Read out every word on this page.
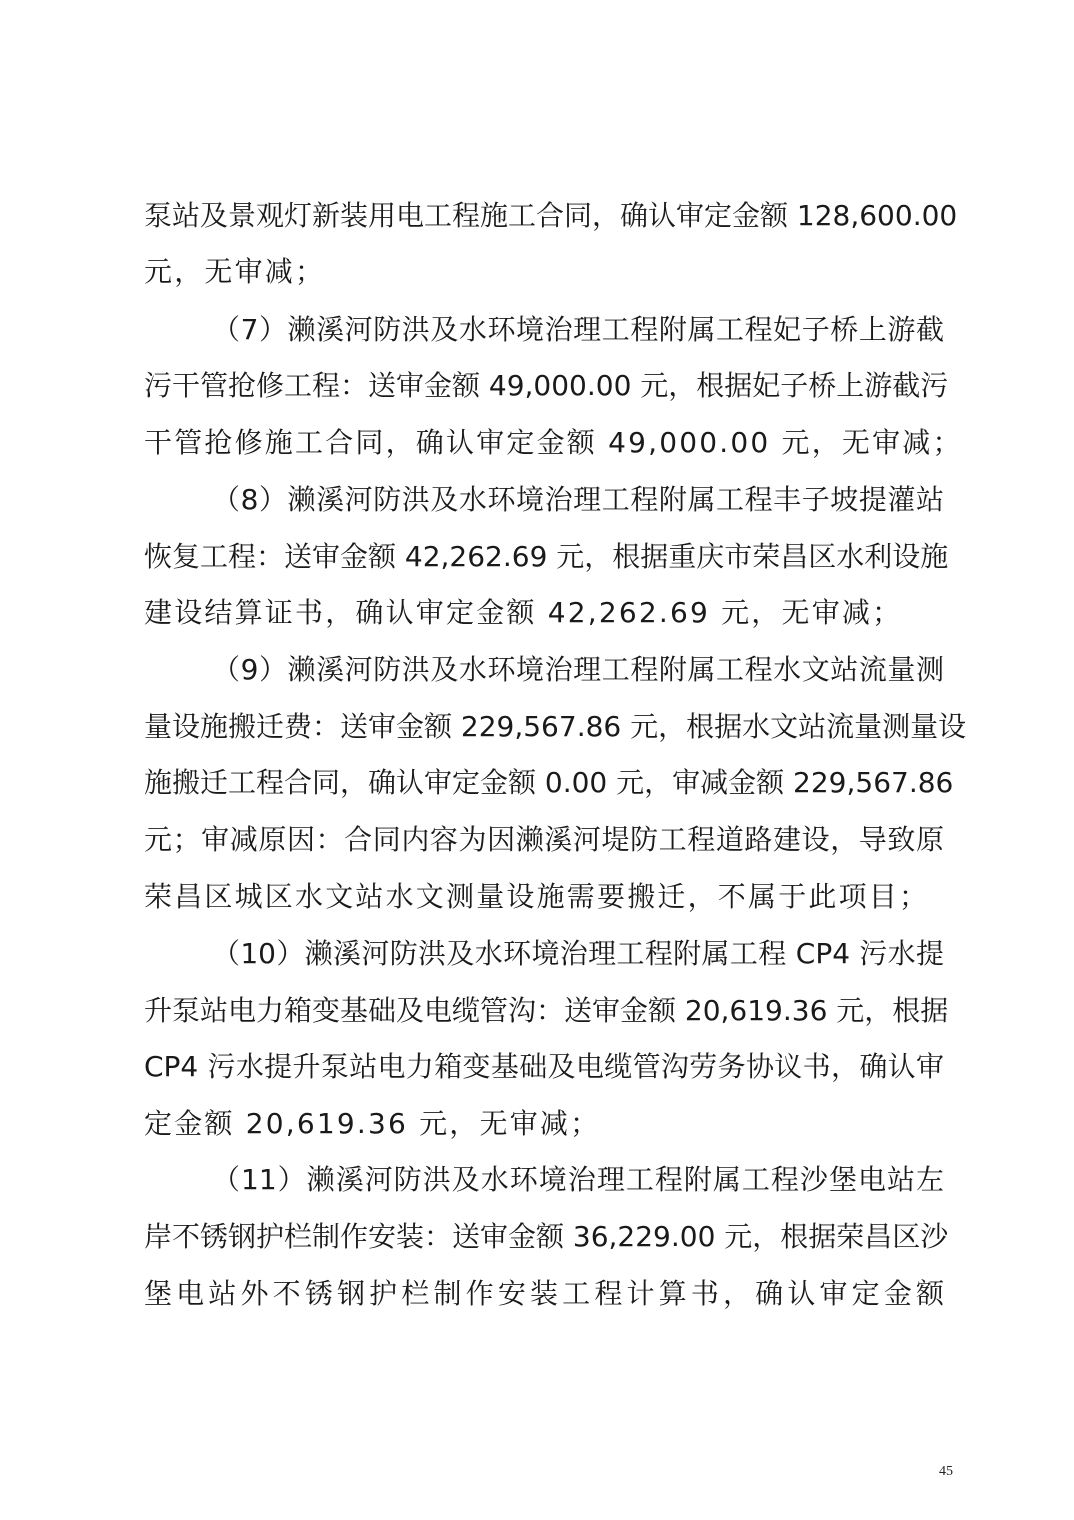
泵站及景观灯新装用电工程施工合同，确认审定金额 128,600.00
元，无审减；
（7）濑溪河防洪及水环境治理工程附属工程妃子桥上游截
污干管抢修工程：送审金额 49,000.00 元，根据妃子桥上游截污
干管抢修施工合同，确认审定金额 49,000.00 元，无审减；
（8）濑溪河防洪及水环境治理工程附属工程丰子坡提灌站
恢复工程：送审金额 42,262.69 元，根据重庆市荣昌区水利设施
建设结算证书，确认审定金额 42,262.69 元，无审减；
（9）濑溪河防洪及水环境治理工程附属工程水文站流量测
量设施搬迁费：送审金额 229,567.86 元，根据水文站流量测量设
施搬迁工程合同，确认审定金额 0.00 元，审减金额 229,567.86
元；审减原因：合同内容为因濑溪河堤防工程道路建设，导致原
荣昌区城区水文站水文测量设施需要搬迁，不属于此项目；
（10）濑溪河防洪及水环境治理工程附属工程 CP4 污水提
升泵站电力箱变基础及电缆管沟：送审金额 20,619.36 元，根据
CP4 污水提升泵站电力箱变基础及电缆管沟劳务协议书，确认审
定金额 20,619.36 元，无审减；
（11）濑溪河防洪及水环境治理工程附属工程沙堡电站左
岸不锈钢护栏制作安装：送审金额 36,229.00 元，根据荣昌区沙
堡电站外不锈钢护栏制作安装工程计算书，确认审定金额
45
